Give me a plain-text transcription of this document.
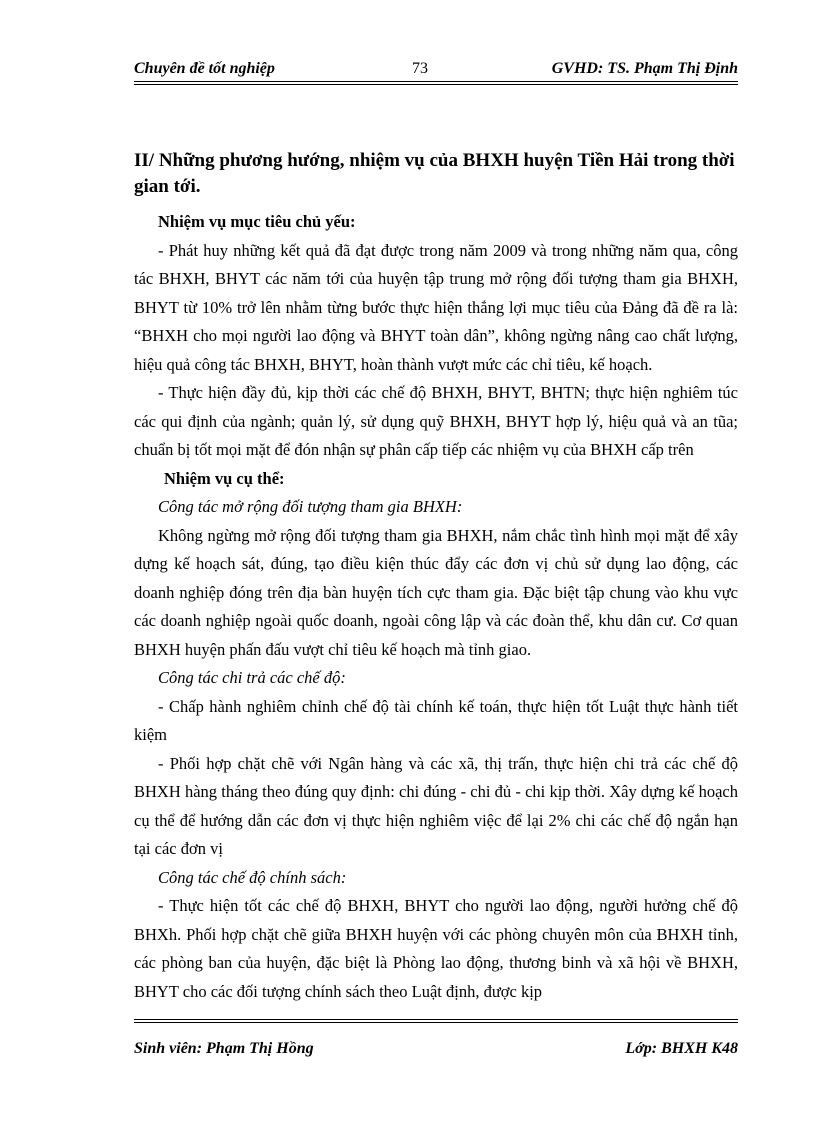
Chuyên đề tốt nghiệp	73	GVHD: TS. Phạm Thị Định
II/ Những phương hướng, nhiệm vụ của BHXH huyện Tiền Hải trong thời gian tới.

Nhiệm vụ mục tiêu chủ yếu:

- Phát huy những kết quả đã đạt được trong năm 2009 và trong những năm qua, công tác BHXH, BHYT các năm tới của huyện tập trung mở rộng đối tượng tham gia BHXH, BHYT từ 10% trở lên nhằm từng bước thực hiện thắng lợi mục tiêu của Đảng đã đề ra là: “BHXH cho mọi người lao động và BHYT toàn dân”, không ngừng nâng cao chất lượng, hiệu quả công tác BHXH, BHYT, hoàn thành vượt mức các chỉ tiêu, kế hoạch.

- Thực hiện đầy đủ, kịp thời các chế độ BHXH, BHYT, BHTN; thực hiện nghiêm túc các qui định của ngành; quản lý, sử dụng quỹ BHXH, BHYT hợp lý, hiệu quả và an tũa; chuẩn bị tốt mọi mặt để đón nhận sự phân cấp tiếp các nhiệm vụ của BHXH cấp trên

Nhiệm vụ cụ thể:

Công tác mở rộng đối tượng tham gia BHXH:

Không ngừng mở rộng đối tượng tham gia BHXH, nắm chắc tình hình mọi mặt để xây dựng kế hoạch sát, đúng, tạo điều kiện thúc đẩy các đơn vị chủ sử dụng lao động, các doanh nghiệp đóng trên địa bàn huyện tích cực tham gia. Đặc biệt tập chung vào khu vực các doanh nghiệp ngoài quốc doanh, ngoài công lập và các đoàn thể, khu dân cư. Cơ quan BHXH huyện phấn đấu vượt chỉ tiêu kế hoạch mà tỉnh giao.

Công tác chi trả các chế độ:

- Chấp hành nghiêm chỉnh chế độ tài chính kế toán, thực hiện tốt Luật thực hành tiết kiệm

- Phối hợp chặt chẽ với Ngân hàng và các xã, thị trấn, thực hiện chi trả các chế độ BHXH hàng tháng theo đúng quy định: chi đúng - chi đủ - chi kịp thời. Xây dựng kế hoạch cụ thể để hướng dẫn các đơn vị thực hiện nghiêm việc để lại 2% chi các chế độ ngắn hạn tại các đơn vị

Công tác chế độ chính sách:

- Thực hiện tốt các chế độ BHXH, BHYT cho người lao động, người hưởng chế độ BHXh. Phối hợp chặt chẽ giữa BHXH huyện với các phòng chuyên môn của BHXH tỉnh, các phòng ban của huyện, đặc biệt là Phòng lao động, thương binh và xã hội về BHXH, BHYT cho các đối tượng chính sách theo Luật định, được kịp

Sinh viên: Phạm Thị Hồng	Lớp: BHXH K48
